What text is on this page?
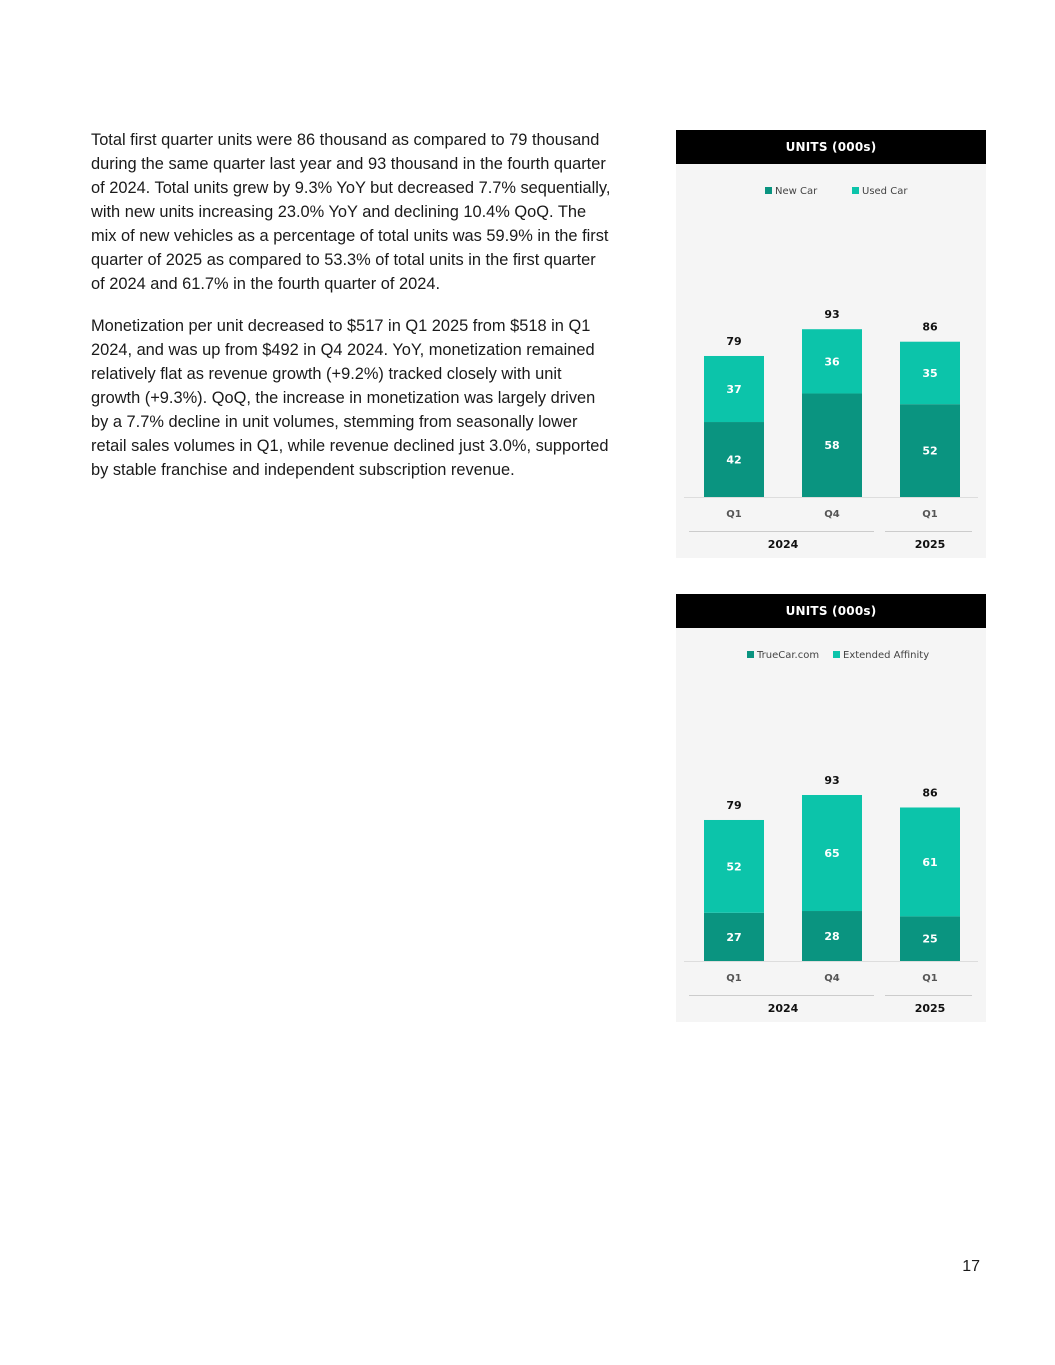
Total first quarter units were 86 thousand as compared to 79 thousand during the same quarter last year and 93 thousand in the fourth quarter of 2024. Total units grew by 9.3% YoY but decreased 7.7% sequentially, with new units increasing 23.0% YoY and declining 10.4% QoQ. The mix of new vehicles as a percentage of total units was 59.9% in the first quarter of 2025 as compared to 53.3% of total units in the first quarter of 2024 and 61.7% in the fourth quarter of 2024.

Monetization per unit decreased to $517 in Q1 2025 from $518 in Q1 2024, and was up from $492 in Q4 2024. YoY, monetization remained relatively flat as revenue growth (+9.2%) tracked closely with unit growth (+9.3%). QoQ, the increase in monetization was largely driven by a 7.7% decline in unit volumes, stemming from seasonally lower retail sales volumes in Q1, while revenue declined just 3.0%, supported by stable franchise and independent subscription revenue.

UNITS (000s)
New Car	Used Car
42
37
79
Q1
58
36
93
Q4
52
35
86
Q1
2024	2025
UNITS (000s)
TrueCar.com Extended Affinity
27
52
79
Q1
28
65
93
Q4
25
61
86
Q1
2024	2025
17
